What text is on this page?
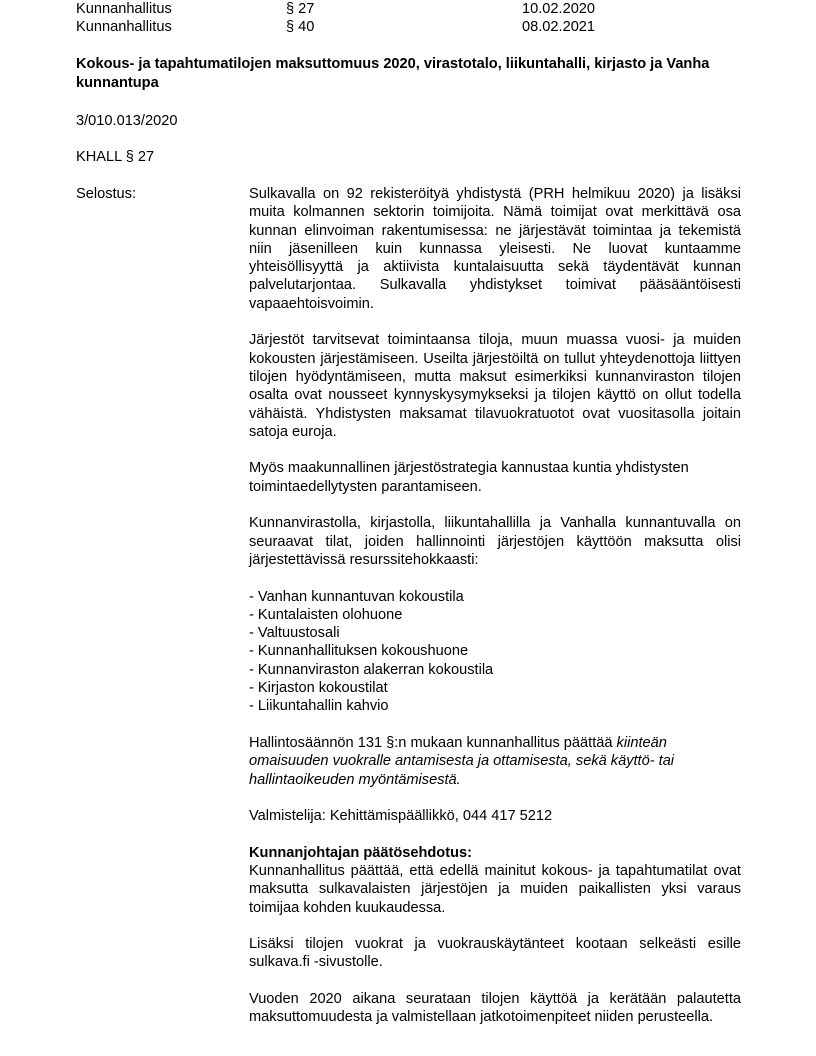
Kunnanhallitus	§ 27	10.02.2020
Kunnanhallitus	§ 40	08.02.2021
Kokous- ja tapahtumatilojen maksuttomuus 2020, virastotalo, liikuntahalli, kirjasto ja Vanha kunnantupa
3/010.013/2020
KHALL § 27
Selostus:	Sulkavalla on 92 rekisteröityä yhdistystä (PRH helmikuu 2020) ja lisäksi muita kolmannen sektorin toimijoita. Nämä toimijat ovat merkittävä osa kunnan elinvoiman rakentumisessa: ne järjestävät toimintaa ja tekemistä niin jäsenilleen kuin kunnassa yleisesti. Ne luovat kuntaamme yhteisöllisyyttä ja aktiivista kuntalaisuutta sekä täydentävät kunnan palvelutarjontaa. Sulkavalla yhdistykset toimivat pääsääntöisesti vapaaehtoisvoimin.

Järjestöt tarvitsevat toimintaansa tiloja, muun muassa vuosi- ja muiden kokousten järjestämiseen. Useilta järjestöiltä on tullut yhteydenottoja liittyen tilojen hyödyntämiseen, mutta maksut esimerkiksi kunnanviraston tilojen osalta ovat nousseet kynnyskysymykseksi ja tilojen käyttö on ollut todella vähäistä. Yhdistysten maksamat tilavuokratuotot ovat vuositasolla joitain satoja euroja.

Myös maakunnallinen järjestöstrategia kannustaa kuntia yhdistysten toimintaedellytysten parantamiseen.

Kunnanvirastolla, kirjastolla, liikuntahallilla ja Vanhalla kunnantuvalla on seuraavat tilat, joiden hallinnointi järjestöjen käyttöön maksutta olisi järjestettävissä resurssitehokkaasti:

- Vanhan kunnantuvan kokoustila
- Kuntalaisten olohuone
- Valtuustosali
- Kunnanhallituksen kokoushuone
- Kunnanviraston alakerran kokoustila
- Kirjaston kokoustilat
- Liikuntahallin kahvio

Hallintosäännön 131 §:n mukaan kunnanhallitus päättää kiinteän omaisuuden vuokralle antamisesta ja ottamisesta, sekä käyttö- tai hallintaoikeuden myöntämisestä.

Valmistelija: Kehittämispäällikkö, 044 417 5212

Kunnanjohtajan päätösehdotus:

Kunnanhallitus päättää, että edellä mainitut kokous- ja tapahtumatilat ovat maksutta sulkavalaisten järjestöjen ja muiden paikallisten yksi varaus toimijaa kohden kuukaudessa.

Lisäksi tilojen vuokrat ja vuokrauskäytänteet kootaan selkeästi esille sulkava.fi -sivustolle.

Vuoden 2020 aikana seurataan tilojen käyttöä ja kerätään palautetta maksuttomuudesta ja valmistellaan jatkotoimenpiteet niiden perusteella.
